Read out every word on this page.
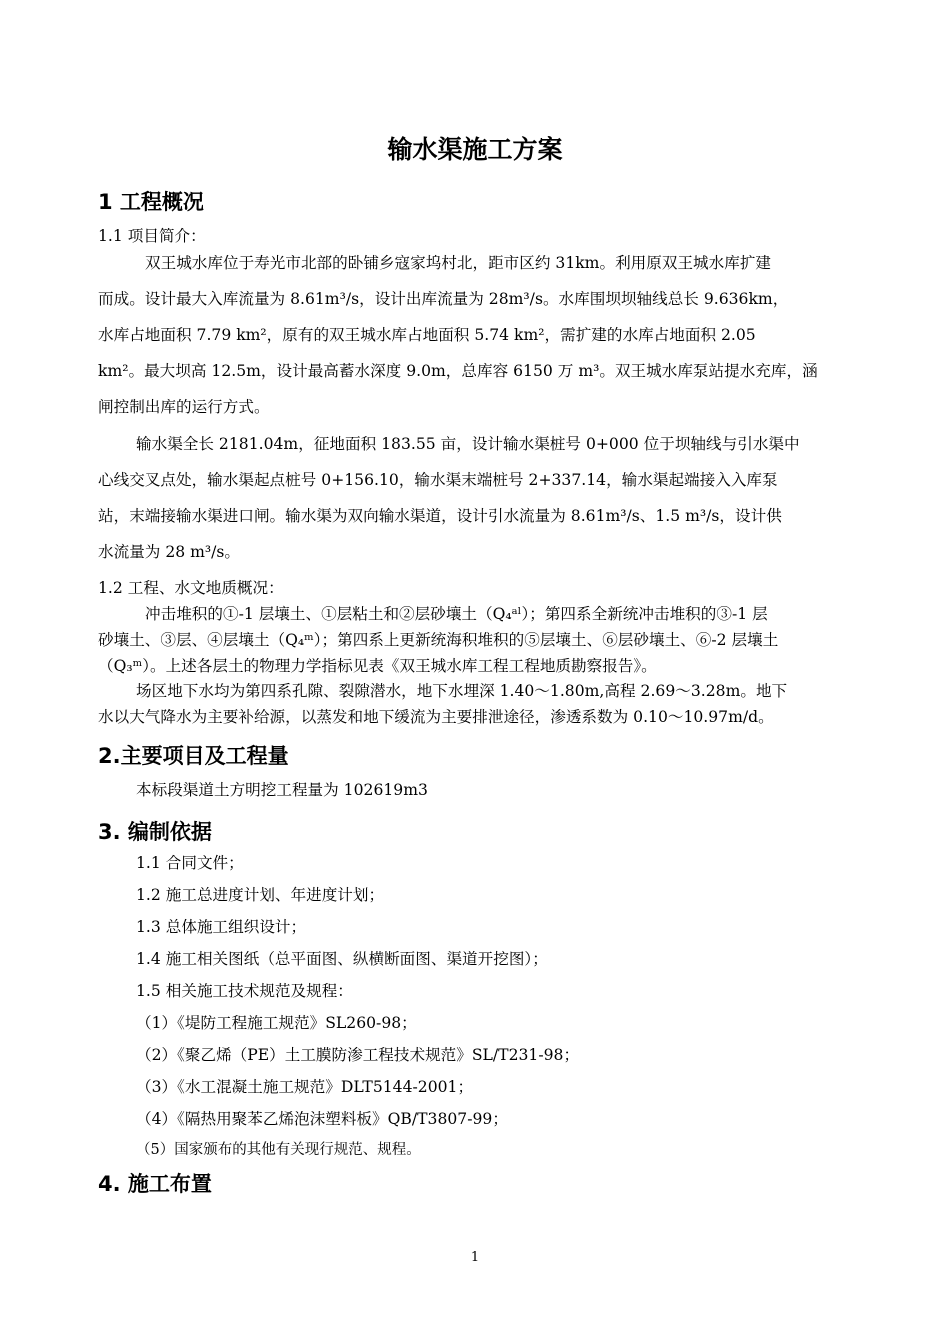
输水渠施工方案
1 工程概况
1.1 项目简介：
双王城水库位于寿光市北部的卧铺乡寇家坞村北，距市区约 31km。利用原双王城水库扩建
而成。设计最大入库流量为 8.61m³/s，设计出库流量为 28m³/s。水库围坝坝轴线总长 9.636km，
水库占地面积 7.79 km²，原有的双王城水库占地面积 5.74 km²，需扩建的水库占地面积 2.05
km²。最大坝高 12.5m，设计最高蓄水深度 9.0m，总库容 6150 万 m³。双王城水库泵站提水充库，涵
闸控制出库的运行方式。
输水渠全长 2181.04m，征地面积 183.55 亩，设计输水渠桩号 0+000 位于坝轴线与引水渠中
心线交叉点处，输水渠起点桩号 0+156.10，输水渠末端桩号 2+337.14，输水渠起端接入入库泵
站，末端接输水渠进口闸。输水渠为双向输水渠道，设计引水流量为 8.61m³/s、1.5 m³/s，设计供
水流量为 28 m³/s。
1.2 工程、水文地质概况：
冲击堆积的①-1 层壤土、①层粘土和②层砂壤土（Q₄ᵃˡ）；第四系全新统冲击堆积的③-1 层
砂壤土、③层、④层壤土（Q₄ᵐ）；第四系上更新统海积堆积的⑤层壤土、⑥层砂壤土、⑥-2 层壤土
（Q₃ᵐ）。上述各层土的物理力学指标见表《双王城水库工程工程地质勘察报告》。
场区地下水均为第四系孔隙、裂隙潜水，地下水埋深 1.40～1.80m,高程 2.69～3.28m。地下
水以大气降水为主要补给源，以蒸发和地下缓流为主要排泄途径，渗透系数为 0.10～10.97m/d。
2.主要项目及工程量
本标段渠道土方明挖工程量为 102619m3
3. 编制依据
1.1 合同文件；
1.2 施工总进度计划、年进度计划；
1.3 总体施工组织设计；
1.4 施工相关图纸（总平面图、纵横断面图、渠道开挖图）；
1.5 相关施工技术规范及规程：
（1）《堤防工程施工规范》SL260-98；
（2）《聚乙烯（PE）土工膜防渗工程技术规范》SL/T231-98；
（3）《水工混凝土施工规范》DLT5144-2001；
（4）《隔热用聚苯乙烯泡沫塑料板》QB/T3807-99；
（5）国家颁布的其他有关现行规范、规程。
4. 施工布置
1
